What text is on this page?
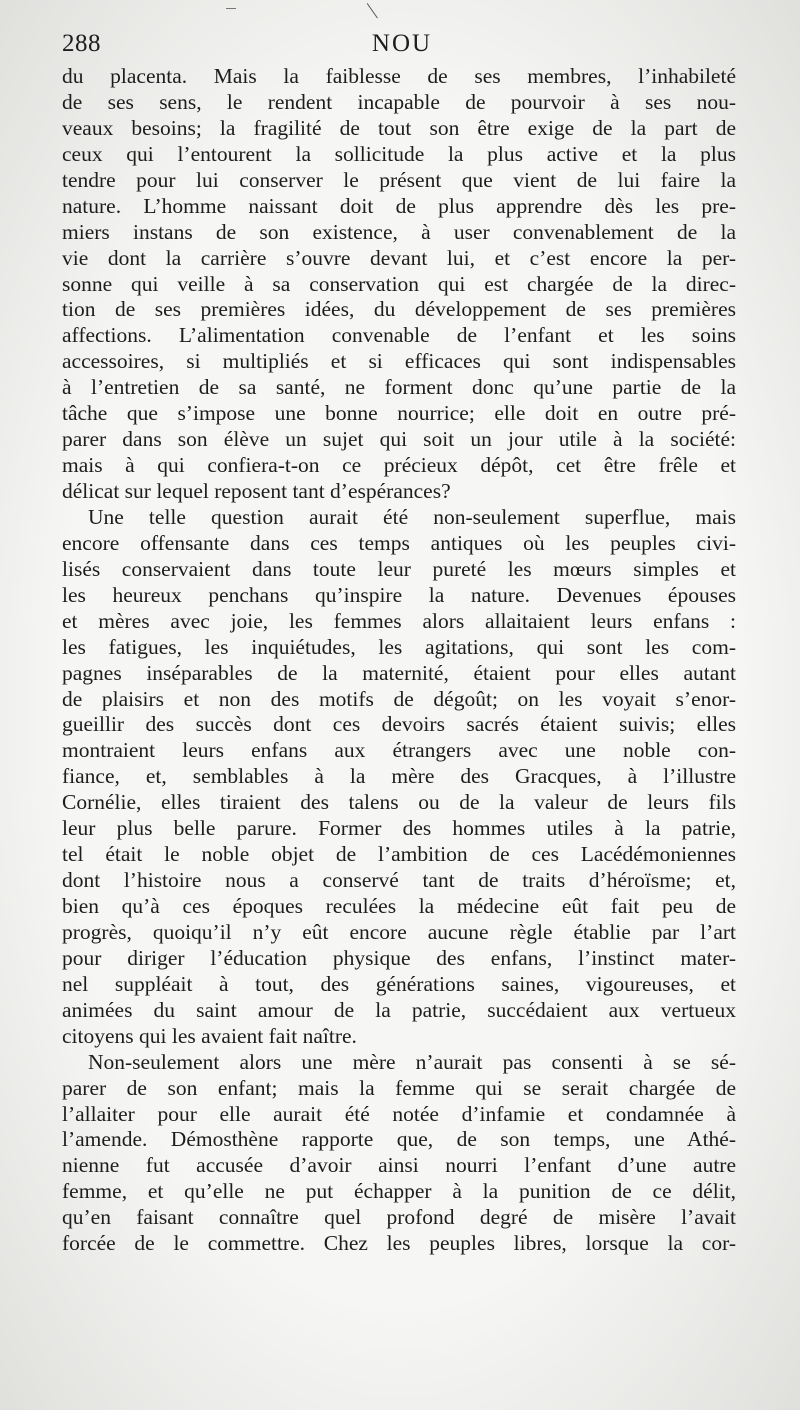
288	NOU
du placenta. Mais la faiblesse de ses membres, l’inhabileté
de ses sens, le rendent incapable de pourvoir à ses nou-
veaux besoins; la fragilité de tout son être exige de la part de
ceux qui l’entourent la sollicitude la plus active et la plus
tendre pour lui conserver le présent que vient de lui faire la
nature. L’homme naissant doit de plus apprendre dès les pre-
miers instans de son existence, à user convenablement de la
vie dont la carrière s’ouvre devant lui, et c’est encore la per-
sonne qui veille à sa conservation qui est chargée de la direc-
tion de ses premières idées, du développement de ses premières
affections. L’alimentation convenable de l’enfant et les soins
accessoires, si multipliés et si efficaces qui sont indispensables
à l’entretien de sa santé, ne forment donc qu’une partie de la
tâche que s’impose une bonne nourrice; elle doit en outre pré-
parer dans son élève un sujet qui soit un jour utile à la société:
mais à qui confiera-t-on ce précieux dépôt, cet être frêle et
délicat sur lequel reposent tant d’espérances?
Une telle question aurait été non-seulement superflue, mais
encore offensante dans ces temps antiques où les peuples civi-
lisés conservaient dans toute leur pureté les mœurs simples et
les heureux penchans qu’inspire la nature. Devenues épouses
et mères avec joie, les femmes alors allaitaient leurs enfans :
les fatigues, les inquiétudes, les agitations, qui sont les com-
pagnes inséparables de la maternité, étaient pour elles autant
de plaisirs et non des motifs de dégoût; on les voyait s’enor-
gueillir des succès dont ces devoirs sacrés étaient suivis; elles
montraient leurs enfans aux étrangers avec une noble con-
fiance, et, semblables à la mère des Gracques, à l’illustre
Cornélie, elles tiraient des talens ou de la valeur de leurs fils
leur plus belle parure. Former des hommes utiles à la patrie,
tel était le noble objet de l’ambition de ces Lacédémoniennes
dont l’histoire nous a conservé tant de traits d’héroïsme; et,
bien qu’à ces époques reculées la médecine eût fait peu de
progrès, quoiqu’il n’y eût encore aucune règle établie par l’art
pour diriger l’éducation physique des enfans, l’instinct mater-
nel suppléait à tout, des générations saines, vigoureuses, et
animées du saint amour de la patrie, succédaient aux vertueux
citoyens qui les avaient fait naître.
Non-seulement alors une mère n’aurait pas consenti à se sé-
parer de son enfant; mais la femme qui se serait chargée de
l’allaiter pour elle aurait été notée d’infamie et condamnée à
l’amende. Démosthène rapporte que, de son temps, une Athé-
nienne fut accusée d’avoir ainsi nourri l’enfant d’une autre
femme, et qu’elle ne put échapper à la punition de ce délit,
qu’en faisant connaître quel profond degré de misère l’avait
forcée de le commettre. Chez les peuples libres, lorsque la cor-
